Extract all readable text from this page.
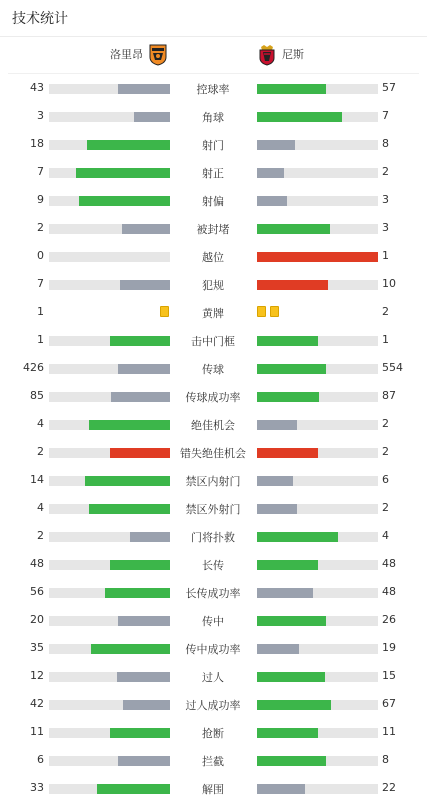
技术统计
洛里昂	尼斯
43	控球率	57
3	角球	7
18	射门	8
7	射正	2
9	射偏	3
2	被封堵	3
0	越位	1
7	犯规	10
1	黄牌	2
1	击中门框	1
426	传球	554
85	传球成功率	87
4	绝佳机会	2
2	错失绝佳机会	2
14	禁区内射门	6
4	禁区外射门	2
2	门将扑救	4
48	长传	48
56	长传成功率	48
20	传中	26
35	传中成功率	19
12	过人	15
42	过人成功率	67
11	抢断	11
6	拦截	8
33	解围	22
